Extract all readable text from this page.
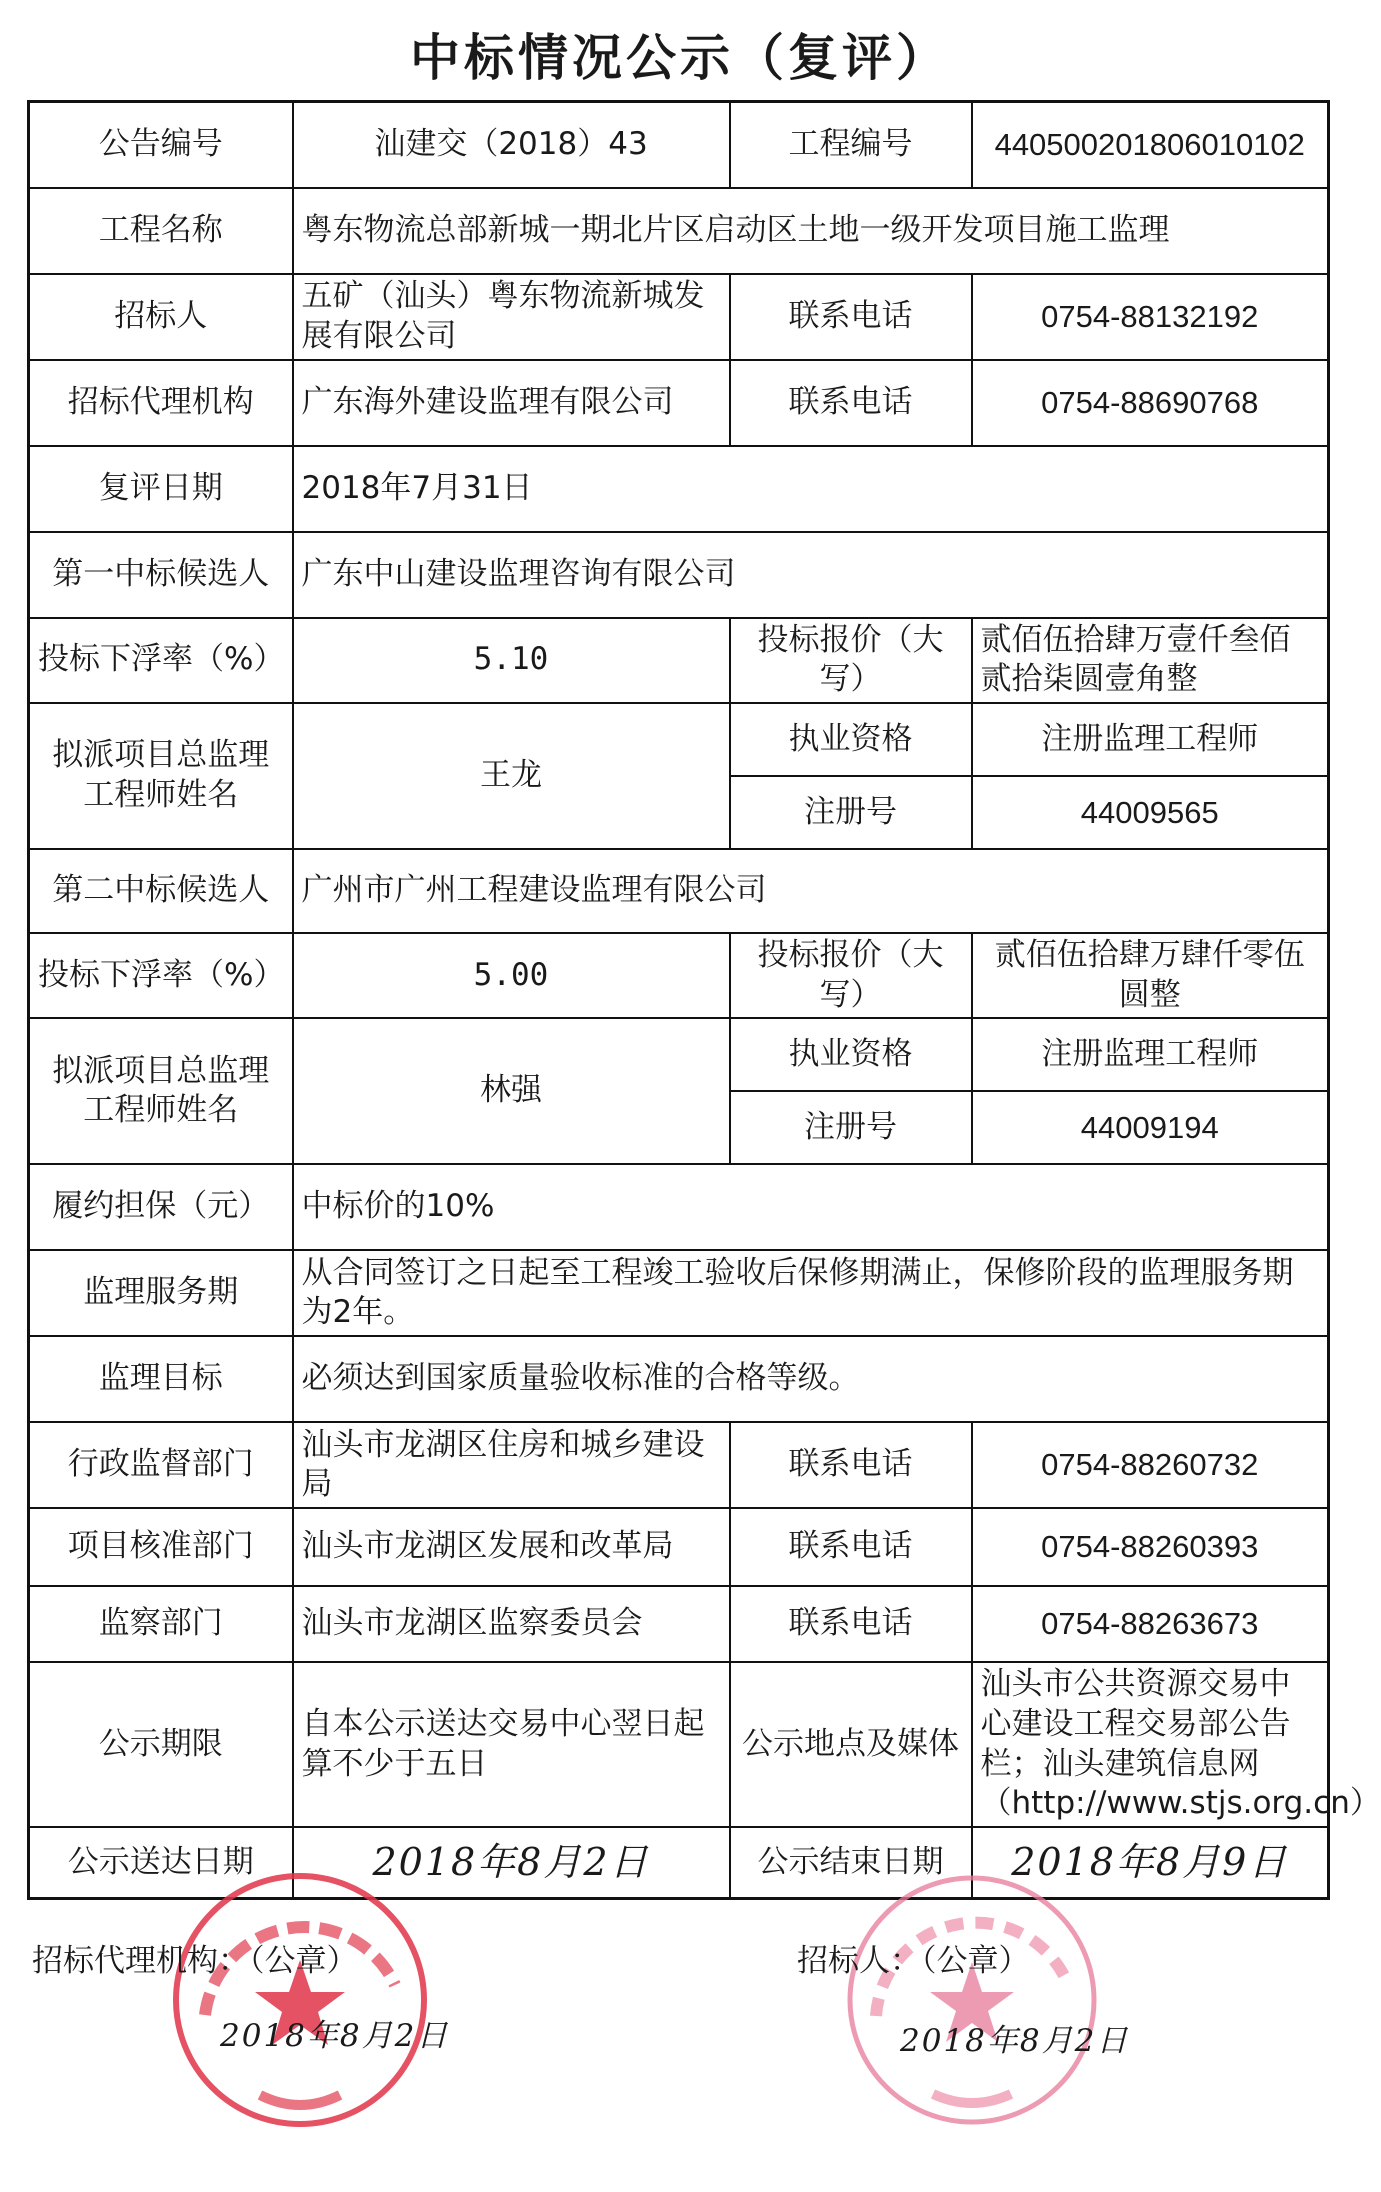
中标情况公示（复评）
公告编号	汕建交（2018）43	工程编号	440500201806010102
工程名称	粤东物流总部新城一期北片区启动区土地一级开发项目施工监理		
招标人	五矿（汕头）粤东物流新城发展有限公司	联系电话	0754-88132192
招标代理机构	广东海外建设监理有限公司	联系电话	0754-88690768
复评日期	2018年7月31日		
第一中标候选人	广东中山建设监理咨询有限公司		
投标下浮率（%）	5.10	投标报价（大写）	贰佰伍拾肆万壹仟叁佰贰拾柒圆壹角整
拟派项目总监理工程师姓名	王龙	执业资格	注册监理工程师
		注册号	44009565
第二中标候选人	广州市广州工程建设监理有限公司		
投标下浮率（%）	5.00	投标报价（大写）	贰佰伍拾肆万肆仟零伍圆整
拟派项目总监理工程师姓名	林强	执业资格	注册监理工程师
		注册号	44009194
履约担保（元）	中标价的10%		
监理服务期	从合同签订之日起至工程竣工验收后保修期满止，保修阶段的监理服务期为2年。		
监理目标	必须达到国家质量验收标准的合格等级。		
行政监督部门	汕头市龙湖区住房和城乡建设局	联系电话	0754-88260732
项目核准部门	汕头市龙湖区发展和改革局	联系电话	0754-88260393
监察部门	汕头市龙湖区监察委员会	联系电话	0754-88263673
公示期限	自本公示送达交易中心翌日起算不少于五日	公示地点及媒体	汕头市公共资源交易中心建设工程交易部公告栏；汕头建筑信息网（http://www.stjs.org.cn）
公示送达日期	2018年8月2日	公示结束日期	2018年8月9日
招标代理机构：（公章）
2018年8月2日
招标人：（公章）
2018年8月2日
